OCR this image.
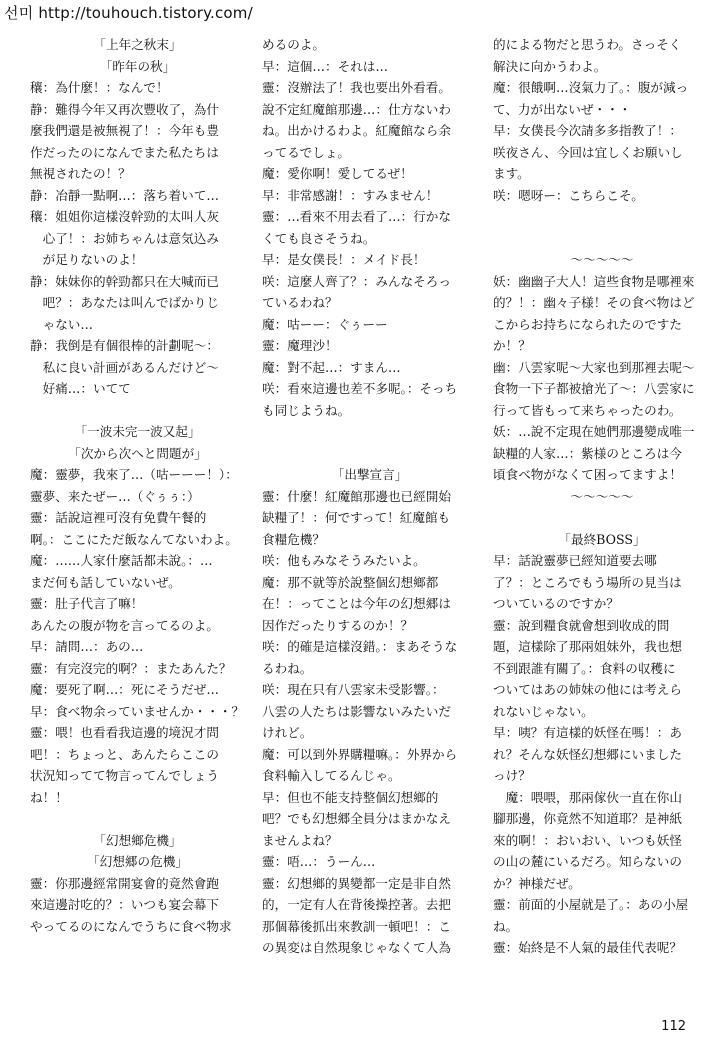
선미 http://touhouch.tistory.com/
「上年之秋末」
「昨年の秋」
穰：為什麼！：なんで！
静：難得今年又再次豐收了，為什
麼我們還是被無視了！：今年も豊
作だったのになんでまた私たちは
無視されたの！？
静：冶靜一點啊…：落ち着いて…
穰：姐姐你這樣沒幹勁的太叫人灰
　心了！：お姉ちゃんは意気込み
　が足りないのよ！
静：妹妹你的幹勁都只在大喊而已
　吧？：あなたは叫んでばかりじ
　ゃない…
静：我倒是有個很棒的計劃呢～：
　私に良い計画があるんだけど～
　好痛…：いてて
「一波未完一波又起」
「次から次へと問題が」
魔：靈夢，我來了…（咕ーーー！）：
靈夢、来たぜー…（ぐぅぅ：）
靈：話說這裡可沒有免費午餐的
啊。：ここにただ飯なんてないわよ。
魔：……人家什麼話都未說。：…
まだ何も話していないぜ。
靈：肚子代言了嘛！
あんたの腹が物を言ってるのよ。
早：請問…：あの…
靈：有完沒完的啊？：またあんた？
魔：要死了啊…：死にそうだぜ…
早：食べ物余っていませんか・・・？
靈：喂！也看看我這邊的境況才問
吧！：ちょっと、あんたらここの
状況知ってて物言ってんでしょう
ね！！
「幻想鄉危機」
「幻想郷の危機」
靈：你那邊經常開宴會的竟然會跑
來這邊討吃的？：いつも宴会幕下
やってるのになんでうちに食べ物求
めるのよ。
早：這個…：それは…
靈：沒辦法了！我也要出外看看。
說不定紅魔館那邊…：仕方ないわ
ね。出かけるわよ。紅魔館なら余
ってるでしょ。
魔：愛你啊！愛してるぜ！
早：非常感謝！：すみません！
靈：…看來不用去看了…：行かな
くても良さそうね。
早：是女僕長！：メイド長！
咲：這麼人齊了？：みんなそろっ
ているわね？
魔：咕ーー：ぐぅーー
靈：魔理沙！
魔：對不起…：すまん…
咲：看來這邊也差不多呢。：そっち
も同じようね。
「出撃宣言」
靈：什麼！紅魔館那邊也已經開始
缺糧了！：何ですって！紅魔館も
食糧危機？
咲：他もみなそうみたいよ。
魔：那不就等於說整個幻想鄉都
在！：ってことは今年の幻想郷は
因作だったりするのか！？
咲：的確是這樣沒錯。：まあそうな
るわね。
咲：現在只有八雲家未受影響。：
八雲の人たちは影響ないみたいだ
けれど。
魔：可以到外界購糧嘛。：外界から
食料輸入してるんじゃ。
早：但也不能支持整個幻想鄉的
吧？でも幻想郷全員分はまかなえ
ませんよね？
靈：唔…：うーん…
靈：幻想鄉的異變都一定是非自然
的，一定有人在背後操控著。去把
那個幕後抓出來教訓一頓吧！：こ
の異変は自然現象じゃなくて人為
的による物だと思うわ。さっそく
解決に向かうわよ。
魔：很餓啊…沒氣力了。：腹が減っ
て、力が出ないぜ・・・
早：女僕長今次請多多指教了！：
咲夜さん、今回は宜しくお願いし
ます。
咲：嗯呀ー：こちらこそ。
～～～～～
妖：幽幽子大人！這些食物是哪裡來
的？！：幽々子様！その食べ物はど
こからお持ちになられたのですた
か！？
幽：八雲家呢～大家也到那裡去呢～
食物一下子都被搶光了～：八雲家に
行って皆もって来ちゃったのわ。
妖：…說不定現在她們那邊變成唯一
缺糧的人家…：紫様のところは今
頃食べ物がなくて困ってますよ！
～～～～～
「最終BOSS」
早：話說靈夢已經知道要去哪
了？：ところでもう場所の見当は
ついているのですか？
靈：說到糧食就會想到收成的問
題，這樣除了那兩姐妹外，我也想
不到跟誰有關了。：食料の収穫に
ついてはあの姉妹の他には考えら
れないじゃない。
早：咦？有這樣的妖怪在嗎！：あ
れ？そんな妖怪幻想郷にいました
っけ？
　魔：喂喂，那兩傢伙一直在你山
腳那邊，你竟然不知道耶？是神紙
來的啊！：おいおい、いつも妖怪
の山の麓にいるだろ。知らないの
か？神様だぜ。
靈：前面的小屋就是了。：あの小屋
ね。
靈：始終是不人氣的最佳代表呢？
112
